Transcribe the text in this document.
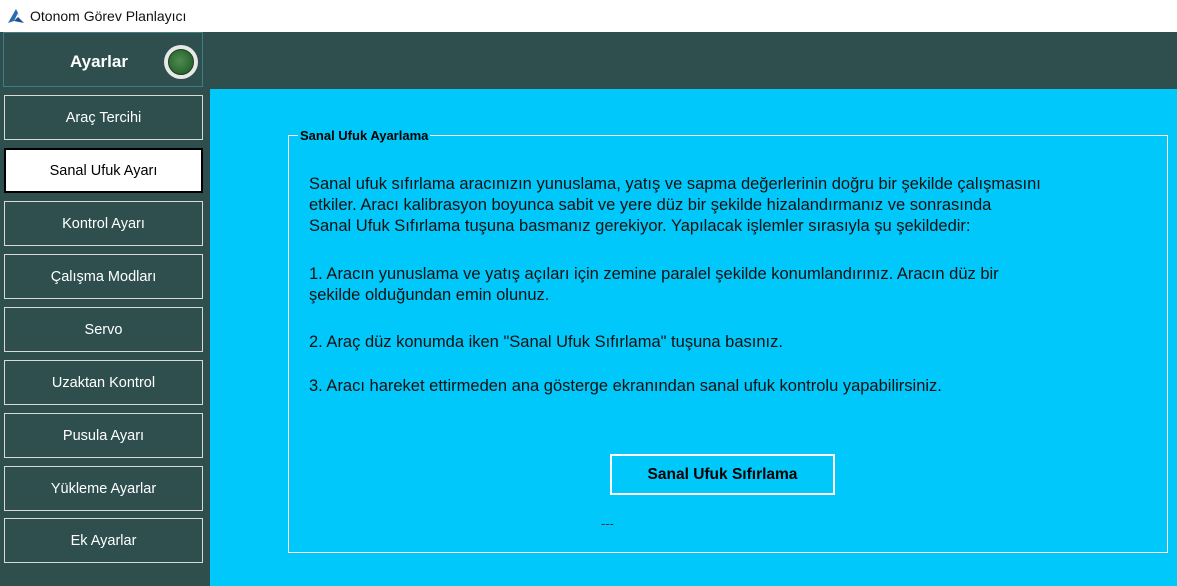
Otonom Görev Planlayıcı
Ayarlar
Araç Tercihi
Sanal Ufuk Ayarı
Kontrol Ayarı
Çalışma Modları
Servo
Uzaktan Kontrol
Pusula Ayarı
Yükleme Ayarlar
Ek Ayarlar
Sanal Ufuk Ayarlama

Sanal ufuk sıfırlama aracınızın yunuslama, yatış ve sapma değerlerinin doğru bir şekilde çalışmasını

etkiler. Aracı kalibrasyon boyunca sabit ve yere düz bir şekilde hizalandırmanız ve sonrasında

Sanal Ufuk Sıfırlama tuşuna basmanız gerekiyor. Yapılacak işlemler sırasıyla şu şekildedir:

1. Aracın yunuslama ve yatış açıları için zemine paralel şekilde konumlandırınız. Aracın düz bir

şekilde olduğundan emin olunuz.

2. Araç düz konumda iken "Sanal Ufuk Sıfırlama" tuşuna basınız.
3. Aracı hareket ettirmeden ana gösterge ekranından sanal ufuk kontrolu yapabilirsiniz.
Sanal Ufuk Sıfırlama
---
